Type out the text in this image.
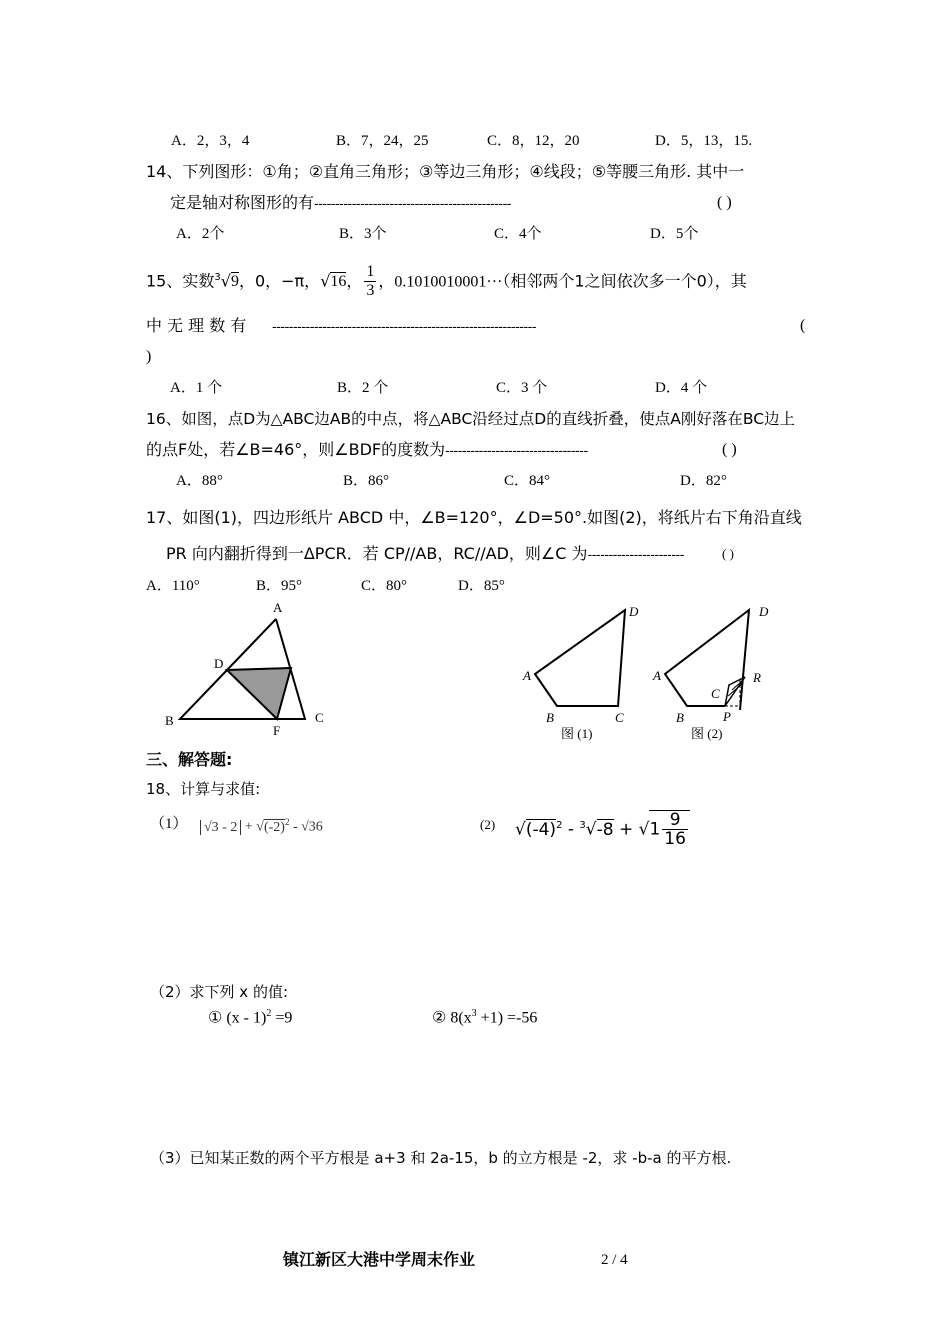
A．2，3，4	B．7，24，25	C．8，12，20	D．5，13，15.
14、下列图形：①角；②直角三角形；③等边三角形；④线段；⑤等腰三角形. 其中一
定是轴对称图形的有-----------------------------------------------	( )
A．2个	B．3个	C．4个	D．5个
15、实数$^3$√9，0，−π，√16， $\frac{1}{3}$ ，0.1010010001···（相邻两个1之间依次多一个0），其
中 无 理 数 有 ---------------------------------------------------------------	(
)
A．1 个	B．2 个	C．3 个	D．4 个
16、如图，点D为△ABC边AB的中点，将△ABC沿经过点D的直线折叠，使点A刚好落在BC边上
的点F处，若∠B=46°，则∠BDF的度数为----------------------------------	( )
A．88°	B．86°	C．84°	D．82°
17、如图(1)，四边形纸片 ABCD 中，∠B=120°，∠D=50°.如图(2)，将纸片右下角沿直线
PR 向内翻折得到一ΔPCR．若 CP//AB，RC//AD，则∠C 为-----------------------	( )
A．110°	B．95°	C．80°	D．85°
A
D
B
F
C
A
B	C
D
图 (1)
A
B
C
D
R
P
图 (2)
三、解答题:
18、计算与求值:
（1） $√3 - 2 + √(-2)^2 - √36$	(2) $√(-4)^2 - ^3√-8 + √1 \frac{9}{16}$
（2）求下列 x 的值:
① (x - 1)$^2$ =9	② $8(x^3 +1) =-56$
（3）已知某正数的两个平方根是 a+3 和 2a-15，b 的立方根是 -2，求 -b-a 的平方根.
镇江新区大港中学周末作业	2 / 4
